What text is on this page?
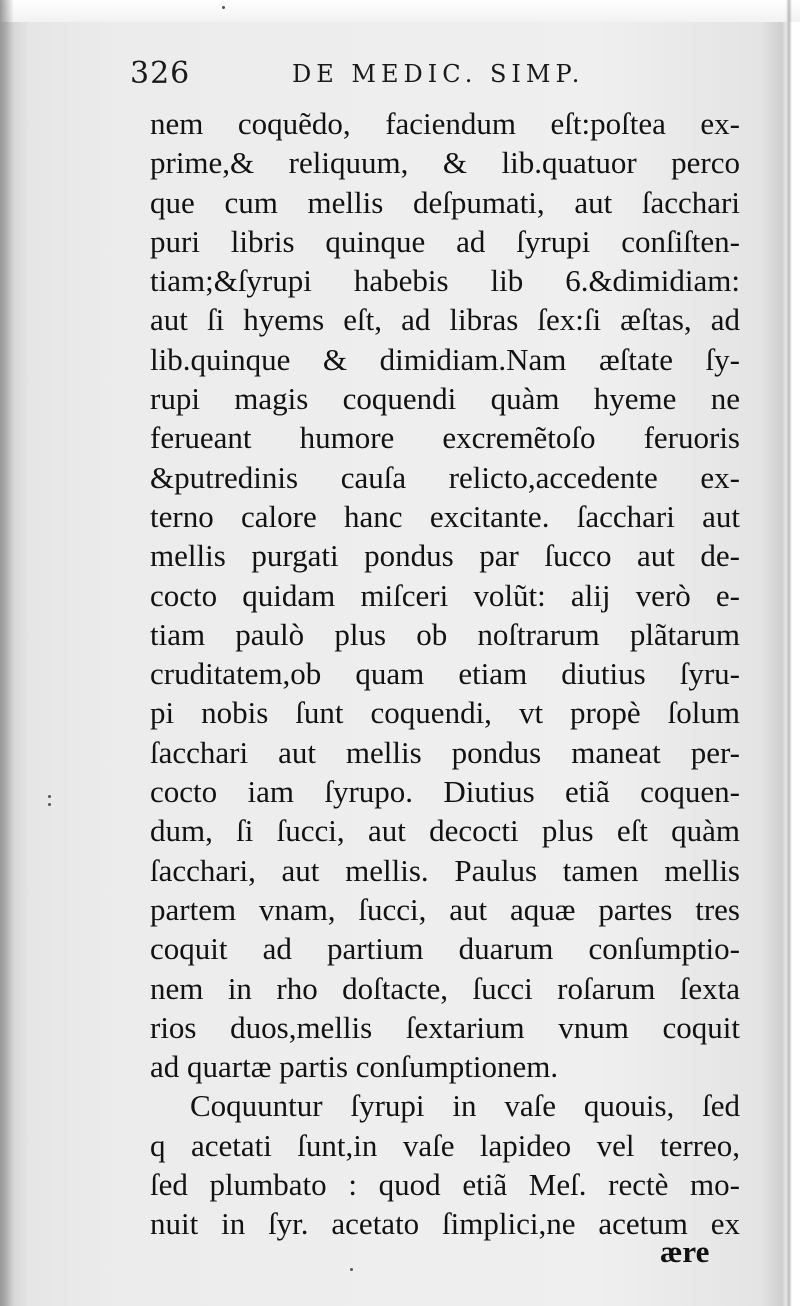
326	DE MEDIC. SIMP.
nem coquẽdo, faciendum eſt:poſtea ex-
prime,& reliquum, & lib.quatuor perco
que cum mellis deſpumati, aut ſacchari
puri libris quinque ad ſyrupi conſiſten-
tiam;&ſyrupi habebis lib 6.&dimidiam:
aut ſi hyems eſt, ad libras ſex:ſi æſtas, ad
lib.quinque & dimidiam.Nam æſtate ſy-
rupi magis coquendi quàm hyeme ne
ferueant humore excremẽtoſo feruoris
&putredinis cauſa relicto,accedente ex-
terno calore hanc excitante. ſacchari aut
mellis purgati pondus par ſucco aut de-
cocto quidam miſceri volũt: alij verò e-
tiam paulò plus ob noſtrarum plãtarum
cruditatem,ob quam etiam diutius ſyru-
pi nobis ſunt coquendi, vt propè ſolum
ſacchari aut mellis pondus maneat per-
cocto iam ſyrupo. Diutius etiã coquen-
dum, ſi ſucci, aut decocti plus eſt quàm
ſacchari, aut mellis. Paulus tamen mellis
partem vnam, ſucci, aut aquæ partes tres
coquit ad partium duarum conſumptio-
nem in rho doſtacte, ſucci roſarum ſexta
rios duos,mellis ſextarium vnum coquit
ad quartæ partis conſumptionem.
Coquuntur ſyrupi in vaſe quouis, ſed
q acetati ſunt,in vaſe lapideo vel terreo,
ſed plumbato : quod etiã Meſ. rectè mo-
nuit in ſyr. acetato ſimplici,ne acetum ex
ære
